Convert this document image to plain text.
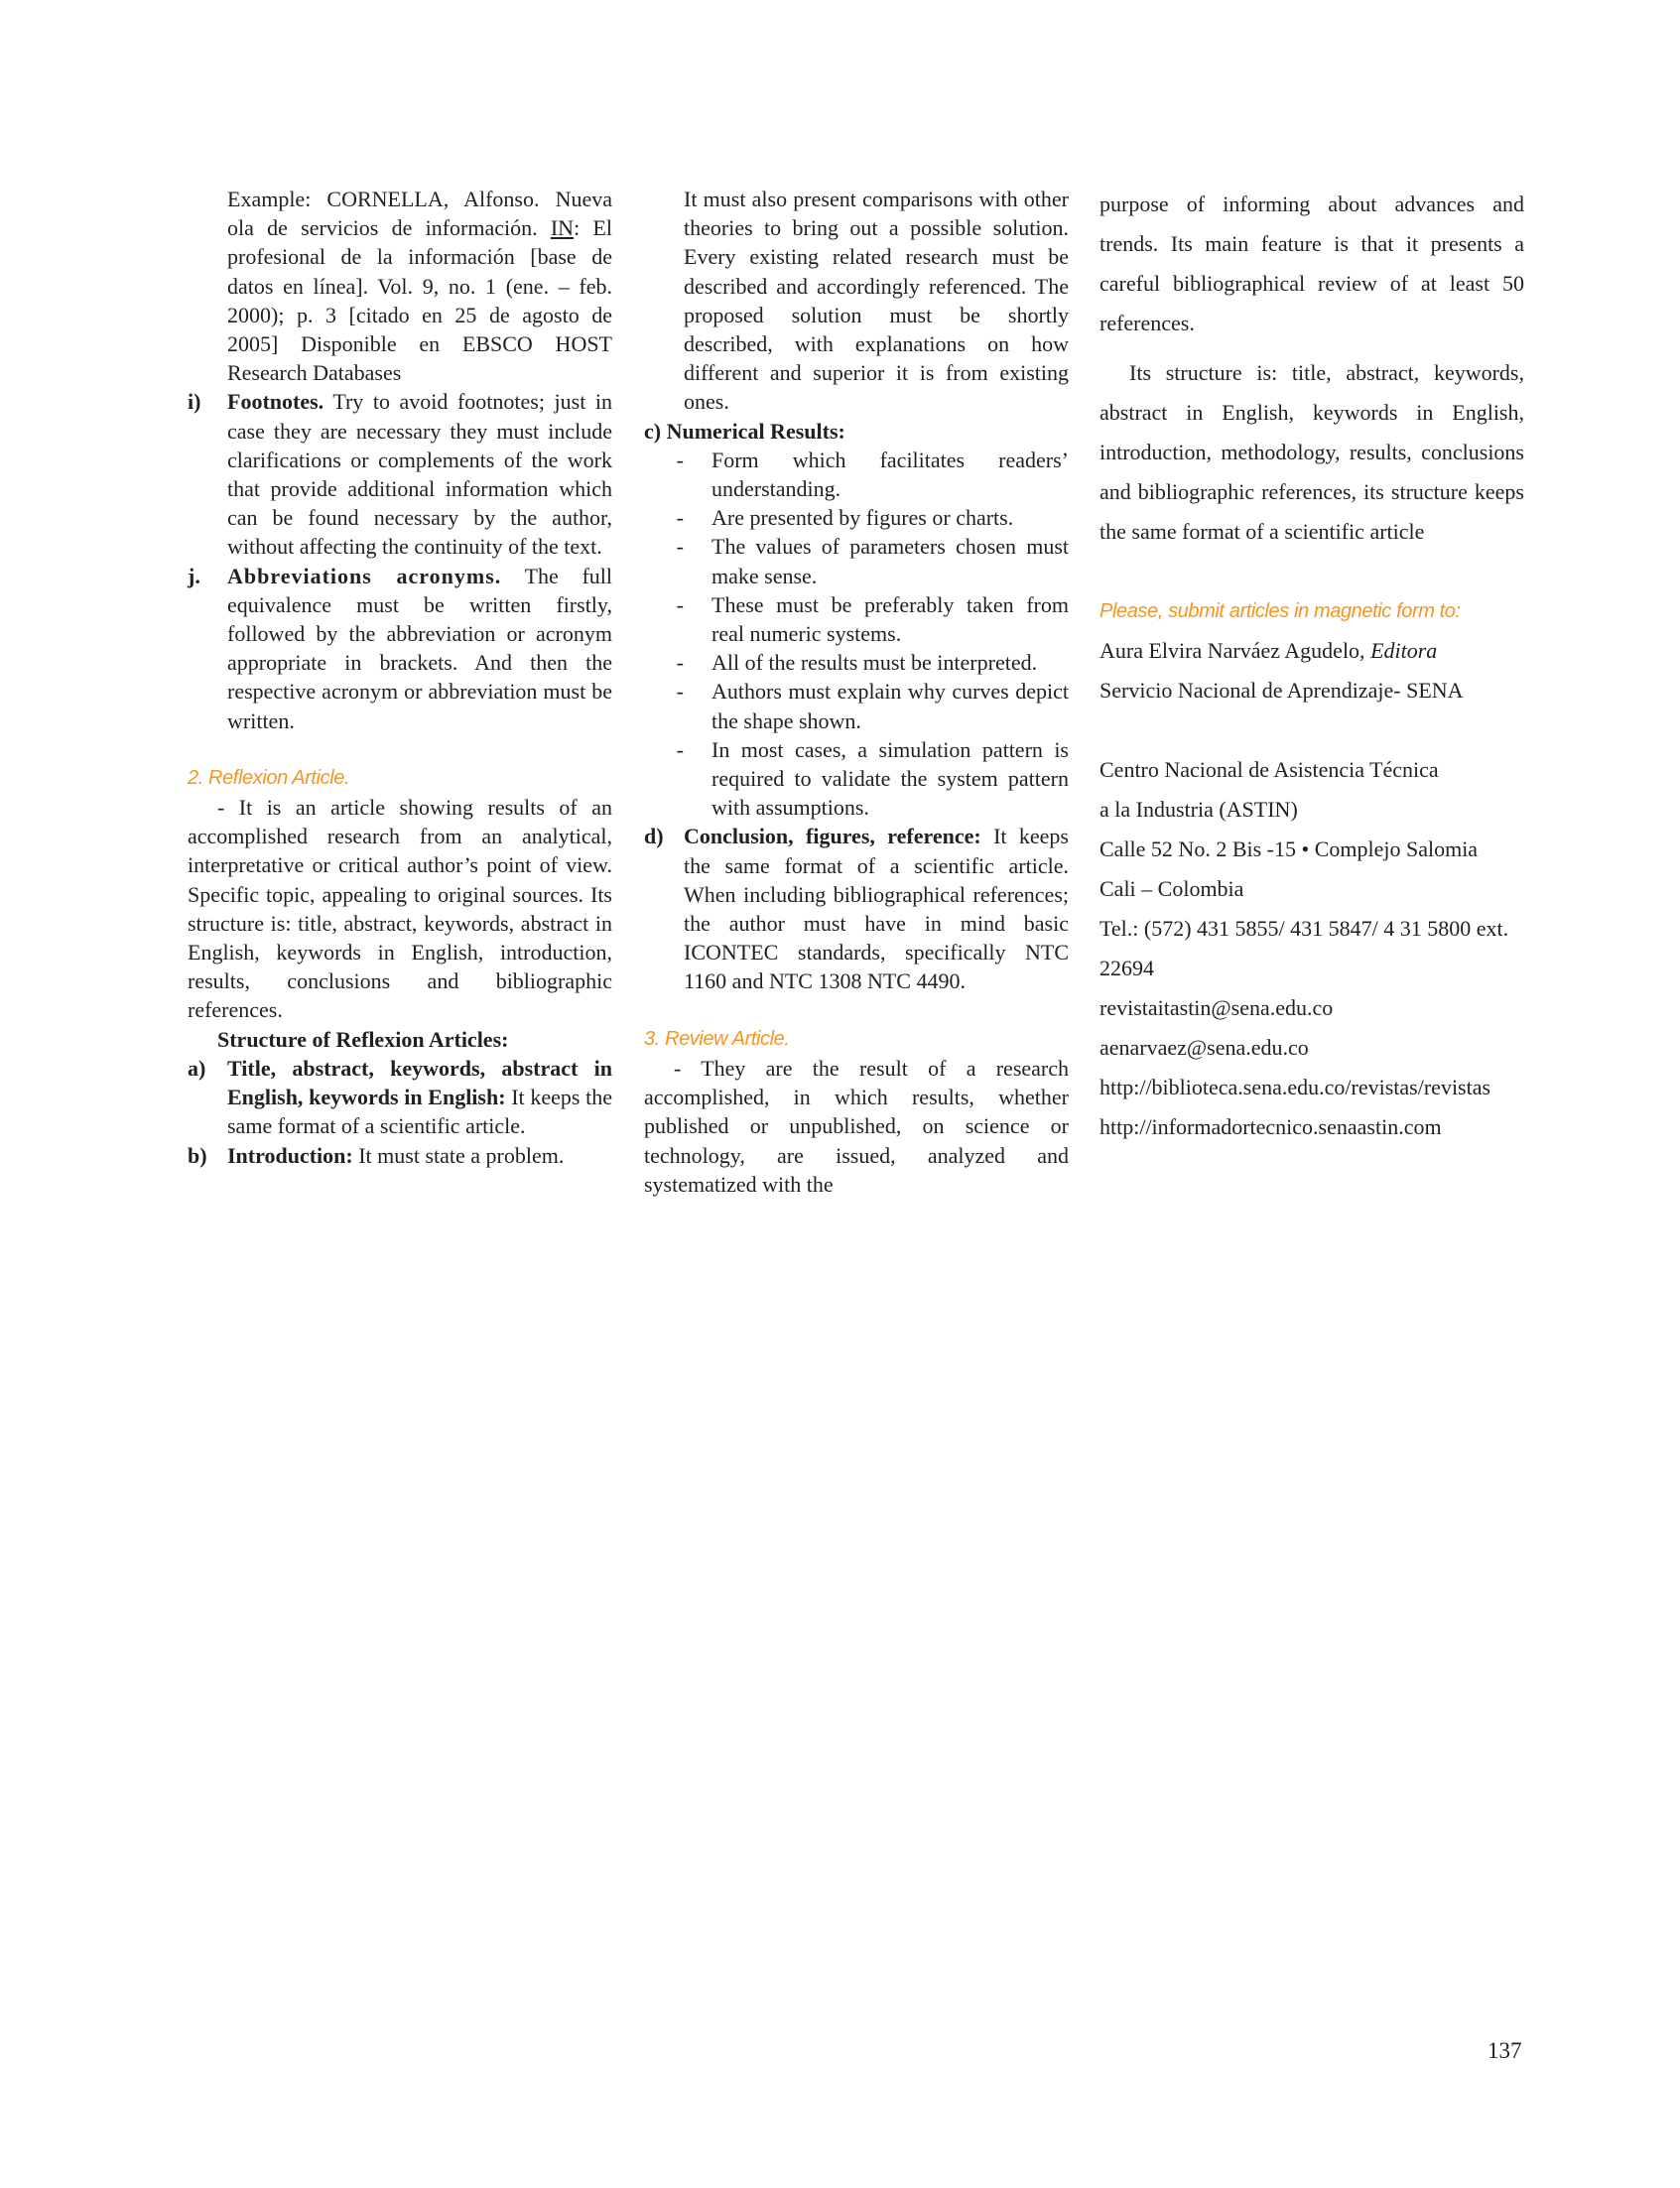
Example: CORNELLA, Alfonso. Nueva ola de servicios de información. IN: El profesional de la información [base de datos en línea]. Vol. 9, no. 1 (ene. – feb. 2000); p. 3 [citado en 25 de agosto de 2005] Disponible en EBSCO HOST Research Databases

i)	Footnotes. Try to avoid footnotes; just in case they are necessary they must include clarifications or complements of the work that provide additional information which can be found necessary by the author, without affecting the continuity of the text.

j.	Abbreviations acronyms. The full equivalence must be written firstly, followed by the abbreviation or acronym appropriate in brackets. And then the respective acronym or abbreviation must be written.

2. Reflexion Article.

- It is an article showing results of an accomplished research from an analytical, interpretative or critical author’s point of view. Specific topic, appealing to original sources. Its structure is: title, abstract, keywords, abstract in English, keywords in English, introduction, results, conclusions and bibliographic references.

Structure of Reflexion Articles:

a) Title, abstract, keywords, abstract in English, keywords in English: It keeps the same format of a scientific article.

b) Introduction: It must state a problem.

It must also present comparisons with other theories to bring out a possible solution. Every existing related research must be described and accordingly referenced. The proposed solution must be shortly described, with explanations on how different and superior it is from existing ones.

c) Numerical Results:

-	Form which facilitates readers’ understanding.
-	Are presented by figures or charts.
-	The values of parameters chosen must make sense.
-	These must be preferably taken from real numeric systems.
-	All of the results must be interpreted.
-	Authors must explain why curves depict the shape shown.
-	In most cases, a simulation pattern is required to validate the system pattern with assumptions.
d) Conclusion, figures, reference: It keeps the same format of a scientific article. When including bibliographical references; the author must have in mind basic ICONTEC standards, specifically NTC 1160 and NTC 1308 NTC 4490.

3. Review Article.

- They are the result of a research accomplished, in which results, whether published or unpublished, on science or technology, are issued, analyzed and systematized with the

purpose of informing about advances and trends. Its main feature is that it presents a careful bibliographical review of at least 50 references.

Its structure is: title, abstract, keywords, abstract in English, keywords in English, introduction, methodology, results, conclusions and bibliographic references, its structure keeps the same format of a scientific article

Please, submit articles in magnetic form to:

Aura Elvira Narváez Agudelo, Editora

Servicio Nacional de Aprendizaje- SENA

Centro Nacional de Asistencia Técnica

a la Industria (ASTIN)

Calle 52 No. 2 Bis -15 • Complejo Salomia

Cali – Colombia

Tel.: (572) 431 5855/ 431 5847/ 4 31 5800 ext. 22694

revistaitastin@sena.edu.co

aenarvaez@sena.edu.co

http://biblioteca.sena.edu.co/revistas/revistas

http://informadortecnico.senaastin.com

137
